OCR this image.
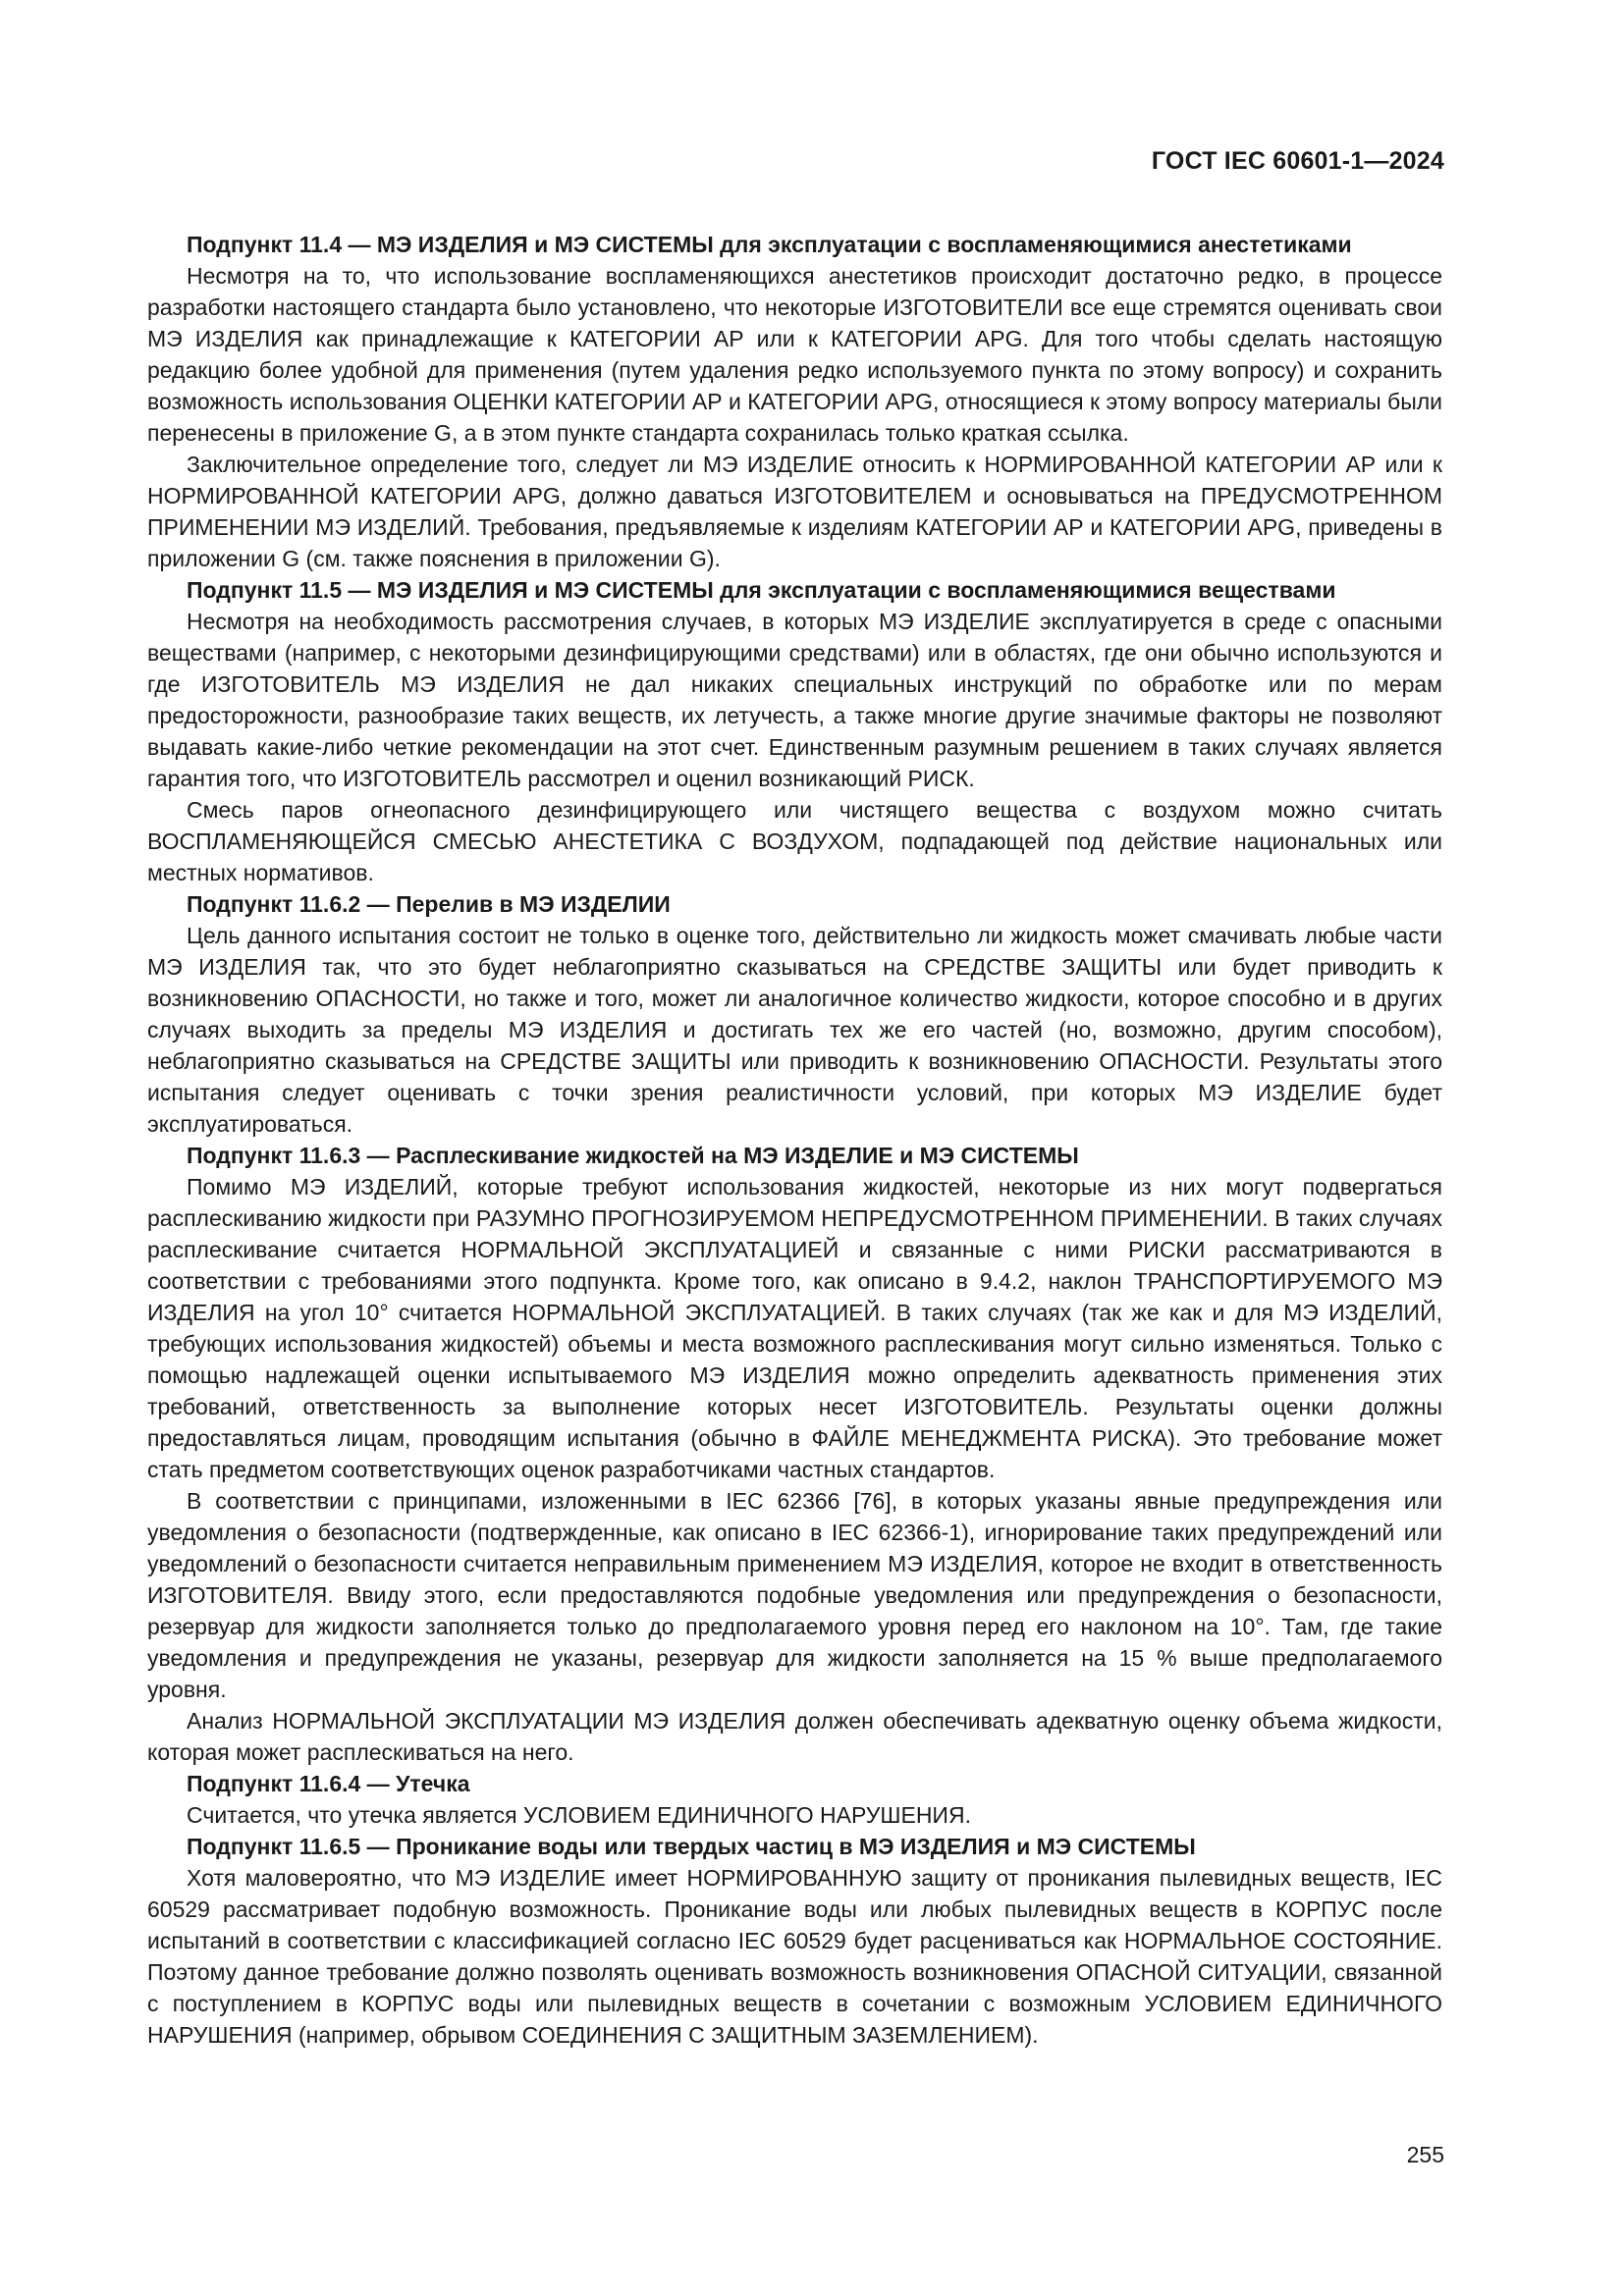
ГОСТ IEC 60601-1—2024

Подпункт 11.4 — МЭ ИЗДЕЛИЯ и МЭ СИСТЕМЫ для эксплуатации с воспламеняющимися анестетиками

Несмотря на то, что использование воспламеняющихся анестетиков происходит достаточно редко, в процессе разработки настоящего стандарта было установлено, что некоторые ИЗГОТОВИТЕЛИ все еще стремятся оценивать свои МЭ ИЗДЕЛИЯ как принадлежащие к КАТЕГОРИИ АР или к КАТЕГОРИИ APG. Для того чтобы сделать настоящую редакцию более удобной для применения (путем удаления редко используемого пункта по этому вопросу) и сохранить возможность использования ОЦЕНКИ КАТЕГОРИИ АР и КАТЕГОРИИ APG, относящиеся к этому вопросу материалы были перенесены в приложение G, а в этом пункте стандарта сохранилась только краткая ссылка.

Заключительное определение того, следует ли МЭ ИЗДЕЛИЕ относить к НОРМИРОВАННОЙ КАТЕГОРИИ АР или к НОРМИРОВАННОЙ КАТЕГОРИИ APG, должно даваться ИЗГОТОВИТЕЛЕМ и основываться на ПРЕДУСМОТРЕННОМ ПРИМЕНЕНИИ МЭ ИЗДЕЛИЙ. Требования, предъявляемые к изделиям КАТЕГОРИИ АР и КАТЕГОРИИ APG, приведены в приложении G (см. также пояснения в приложении G).

Подпункт 11.5 — МЭ ИЗДЕЛИЯ и МЭ СИСТЕМЫ для эксплуатации с воспламеняющимися веществами

Несмотря на необходимость рассмотрения случаев, в которых МЭ ИЗДЕЛИЕ эксплуатируется в среде с опасными веществами (например, с некоторыми дезинфицирующими средствами) или в областях, где они обычно используются и где ИЗГОТОВИТЕЛЬ МЭ ИЗДЕЛИЯ не дал никаких специальных инструкций по обработке или по мерам предосторожности, разнообразие таких веществ, их летучесть, а также многие другие значимые факторы не позволяют выдавать какие-либо четкие рекомендации на этот счет. Единственным разумным решением в таких случаях является гарантия того, что ИЗГОТОВИТЕЛЬ рассмотрел и оценил возникающий РИСК.

Смесь паров огнеопасного дезинфицирующего или чистящего вещества с воздухом можно считать ВОСПЛАМЕНЯЮЩЕЙСЯ СМЕСЬЮ АНЕСТЕТИКА С ВОЗДУХОМ, подпадающей под действие национальных или местных нормативов.

Подпункт 11.6.2 — Перелив в МЭ ИЗДЕЛИИ

Цель данного испытания состоит не только в оценке того, действительно ли жидкость может смачивать любые части МЭ ИЗДЕЛИЯ так, что это будет неблагоприятно сказываться на СРЕДСТВЕ ЗАЩИТЫ или будет приводить к возникновению ОПАСНОСТИ, но также и того, может ли аналогичное количество жидкости, которое способно и в других случаях выходить за пределы МЭ ИЗДЕЛИЯ и достигать тех же его частей (но, возможно, другим способом), неблагоприятно сказываться на СРЕДСТВЕ ЗАЩИТЫ или приводить к возникновению ОПАСНОСТИ. Результаты этого испытания следует оценивать с точки зрения реалистичности условий, при которых МЭ ИЗДЕЛИЕ будет эксплуатироваться.

Подпункт 11.6.3 — Расплескивание жидкостей на МЭ ИЗДЕЛИЕ и МЭ СИСТЕМЫ

Помимо МЭ ИЗДЕЛИЙ, которые требуют использования жидкостей, некоторые из них могут подвергаться расплескиванию жидкости при РАЗУМНО ПРОГНОЗИРУЕМОМ НЕПРЕДУСМОТРЕННОМ ПРИМЕНЕНИИ. В таких случаях расплескивание считается НОРМАЛЬНОЙ ЭКСПЛУАТАЦИЕЙ и связанные с ними РИСКИ рассматриваются в соответствии с требованиями этого подпункта. Кроме того, как описано в 9.4.2, наклон ТРАНСПОРТИРУЕМОГО МЭ ИЗДЕЛИЯ на угол 10° считается НОРМАЛЬНОЙ ЭКСПЛУАТАЦИЕЙ. В таких случаях (так же как и для МЭ ИЗДЕЛИЙ, требующих использования жидкостей) объемы и места возможного расплескивания могут сильно изменяться. Только с помощью надлежащей оценки испытываемого МЭ ИЗДЕЛИЯ можно определить адекватность применения этих требований, ответственность за выполнение которых несет ИЗГОТОВИТЕЛЬ. Результаты оценки должны предоставляться лицам, проводящим испытания (обычно в ФАЙЛЕ МЕНЕДЖМЕНТА РИСКА). Это требование может стать предметом соответствующих оценок разработчиками частных стандартов.

В соответствии с принципами, изложенными в IEC 62366 [76], в которых указаны явные предупреждения или уведомления о безопасности (подтвержденные, как описано в IEC 62366-1), игнорирование таких предупреждений или уведомлений о безопасности считается неправильным применением МЭ ИЗДЕЛИЯ, которое не входит в ответственность ИЗГОТОВИТЕЛЯ. Ввиду этого, если предоставляются подобные уведомления или предупреждения о безопасности, резервуар для жидкости заполняется только до предполагаемого уровня перед его наклоном на 10°. Там, где такие уведомления и предупреждения не указаны, резервуар для жидкости заполняется на 15 % выше предполагаемого уровня.

Анализ НОРМАЛЬНОЙ ЭКСПЛУАТАЦИИ МЭ ИЗДЕЛИЯ должен обеспечивать адекватную оценку объема жидкости, которая может расплескиваться на него.

Подпункт 11.6.4 — Утечка

Считается, что утечка является УСЛОВИЕМ ЕДИНИЧНОГО НАРУШЕНИЯ.

Подпункт 11.6.5 — Проникание воды или твердых частиц в МЭ ИЗДЕЛИЯ и МЭ СИСТЕМЫ

Хотя маловероятно, что МЭ ИЗДЕЛИЕ имеет НОРМИРОВАННУЮ защиту от проникания пылевидных веществ, IEC 60529 рассматривает подобную возможность. Проникание воды или любых пылевидных веществ в КОРПУС после испытаний в соответствии с классификацией согласно IEC 60529 будет расцениваться как НОРМАЛЬНОЕ СОСТОЯНИЕ. Поэтому данное требование должно позволять оценивать возможность возникновения ОПАСНОЙ СИТУАЦИИ, связанной с поступлением в КОРПУС воды или пылевидных веществ в сочетании с возможным УСЛОВИЕМ ЕДИНИЧНОГО НАРУШЕНИЯ (например, обрывом СОЕДИНЕНИЯ С ЗАЩИТНЫМ ЗАЗЕМЛЕНИЕМ).

255
